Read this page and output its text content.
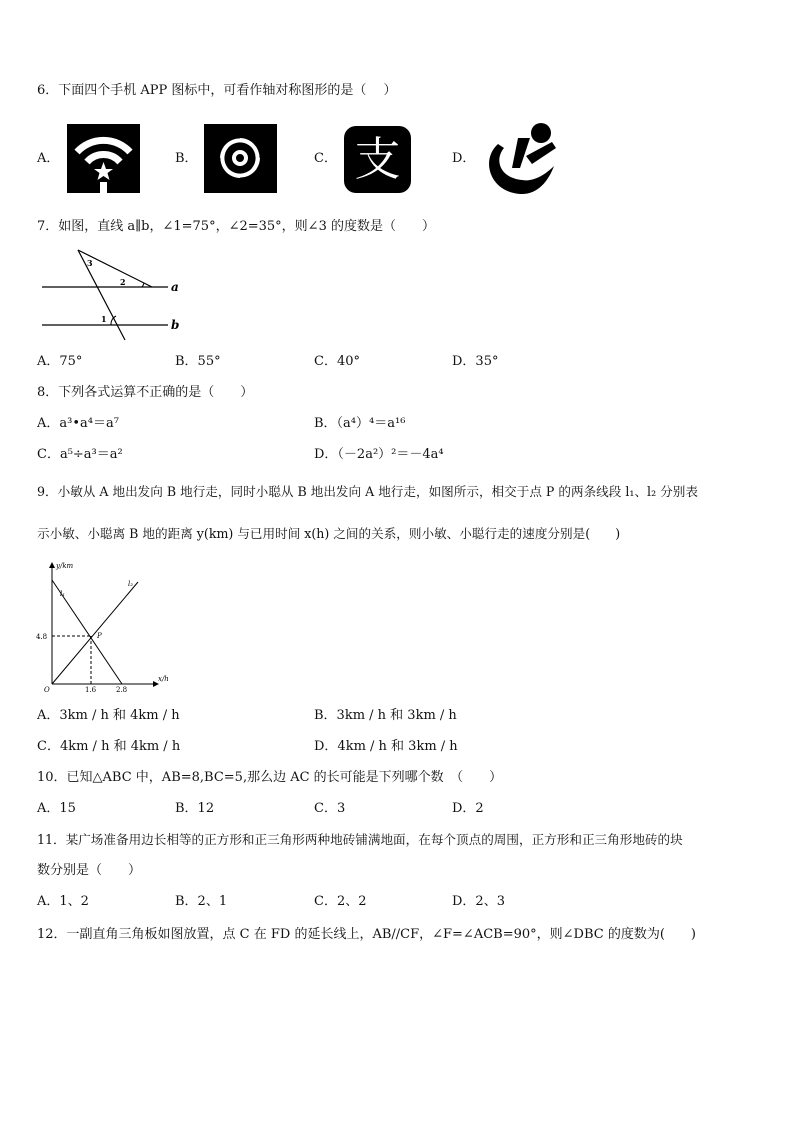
6．下面四个手机 APP 图标中，可看作轴对称图形的是（　 ）
A．	B．	C． 支	D．
7．如图，直线 a∥b，∠1=75°，∠2=35°，则∠3 的度数是（　　）
3
2
1
a
b
A．75°	B．55°	C．40°	D．35°
8．下列各式运算不正确的是（　　）
A．a³•a⁴＝a⁷	B．（a⁴）⁴＝a¹⁶
C．a⁵÷a³＝a²	D．（－2a²）²＝－4a⁴
9．小敏从 A 地出发向 B 地行走，同时小聪从 B 地出发向 A 地行走，如图所示，相交于点 P 的两条线段 l₁、l₂ 分别表
示小敏、小聪离 B 地的距离 y(km) 与已用时间 x(h) 之间的关系，则小敏、小聪行走的速度分别是(　　)
y/km
x/h
O
l₁
l₂
P
4.8
1.6	2.8
A．3km / h 和 4km / h	B．3km / h 和 3km / h
C．4km / h 和 4km / h	D．4km / h 和 3km / h
10．已知△ABC 中，AB=8,BC=5,那么边 AC 的长可能是下列哪个数　（　　）
A．15	B．12	C．3	D．2
11．某广场准备用边长相等的正方形和正三角形两种地砖铺满地面，在每个顶点的周围，正方形和正三角形地砖的块
数分别是（　　）
A．1、2	B．2、1	C．2、2	D．2、3
12．一副直角三角板如图放置，点 C 在 FD 的延长线上，AB//CF，∠F=∠ACB=90°，则∠DBC 的度数为(　　)
